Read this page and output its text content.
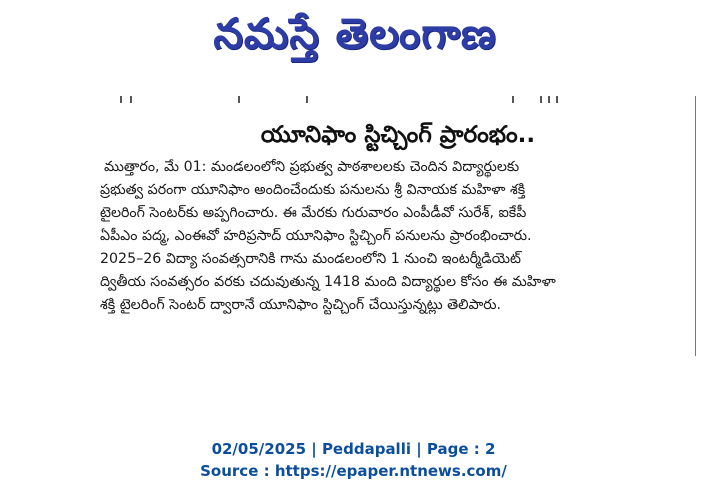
నమస్తే తెలంగాణ
యూనిఫాం స్టిచ్చింగ్ ప్రారంభం..
ముత్తారం, మే 01: మండలంలోని ప్రభుత్వ పాఠశాలలకు చెందిన విద్యార్థులకు
ప్రభుత్వ పరంగా యూనిఫాం అందించేందుకు పనులను శ్రీ వినాయక మహిళా శక్తి
టైలరింగ్ సెంటర్‌కు అప్పగించారు. ఈ మేరకు గురువారం ఎంపీడీవో సురేశ్, ఐకేపీ
ఏపీఎం పద్మ, ఎంఈవో హరిప్రసాద్ యూనిఫాం స్టిచ్చింగ్ పనులను ప్రారంభించారు.
2025–26 విద్యా సంవత్సరానికి గాను మండలంలోని 1 నుంచి ఇంటర్మీడియెట్
ద్వితీయ సంవత్సరం వరకు చదువుతున్న 1418 మంది విద్యార్థుల కోసం ఈ మహిళా
శక్తి టైలరింగ్ సెంటర్ ద్వారానే యూనిఫాం స్టిచ్చింగ్ చేయిస్తున్నట్లు తెలిపారు.
02/05/2025 | Peddapalli | Page : 2
Source : https://epaper.ntnews.com/
